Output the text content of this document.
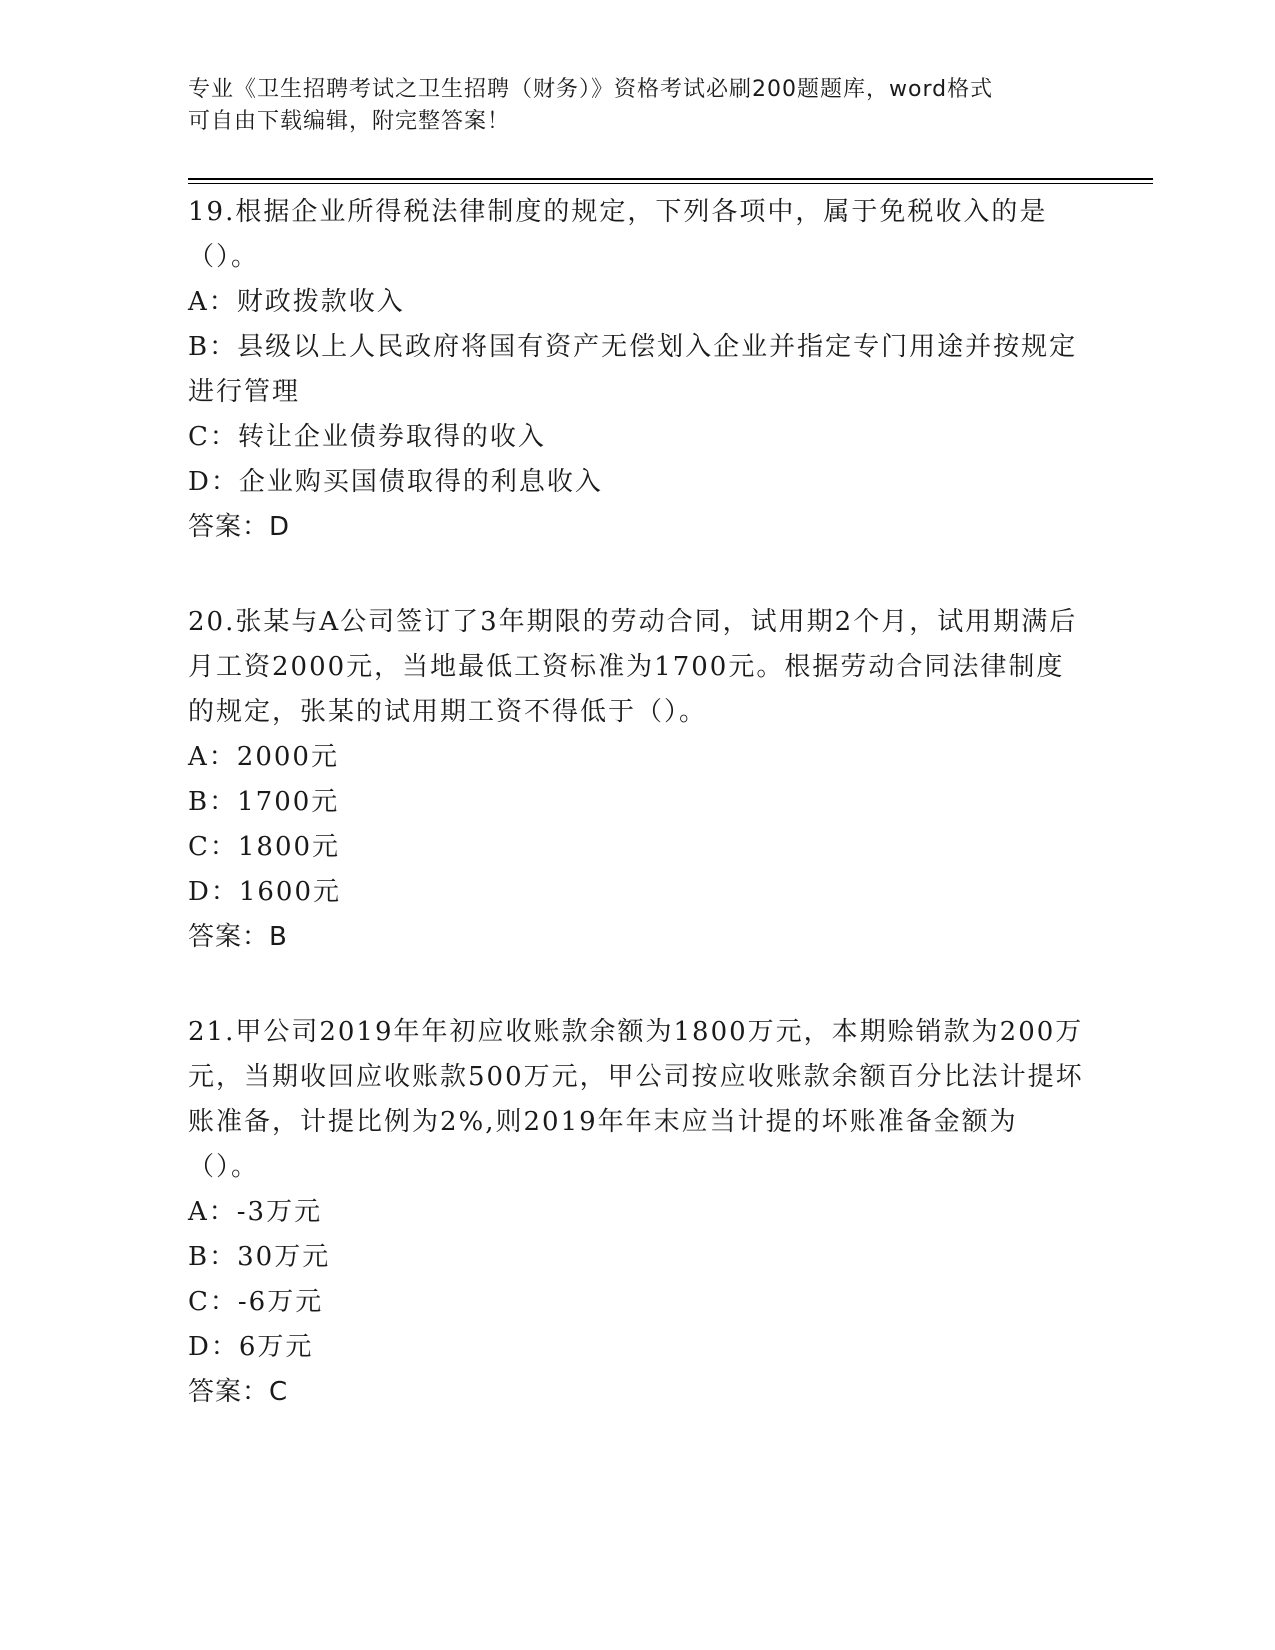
专业《卫生招聘考试之卫生招聘（财务）》资格考试必刷200题题库，word格式
可自由下载编辑，附完整答案！

19.根据企业所得税法律制度的规定，下列各项中，属于免税收入的是（）。

A：财政拨款收入

B：县级以上人民政府将国有资产无偿划入企业并指定专门用途并按规定进行管理

C：转让企业债券取得的收入

D：企业购买国债取得的利息收入

答案：D

20.张某与A公司签订了3年期限的劳动合同，试用期2个月，试用期满后月工资2000元，当地最低工资标准为1700元。根据劳动合同法律制度的规定，张某的试用期工资不得低于（）。

A：2000元

B：1700元

C：1800元

D：1600元

答案：B

21.甲公司2019年年初应收账款余额为1800万元，本期赊销款为200万元，当期收回应收账款500万元，甲公司按应收账款余额百分比法计提坏账准备，计提比例为2%,则2019年年末应当计提的坏账准备金额为（）。

A：-3万元

B：30万元

C：-6万元

D：6万元

答案：C
